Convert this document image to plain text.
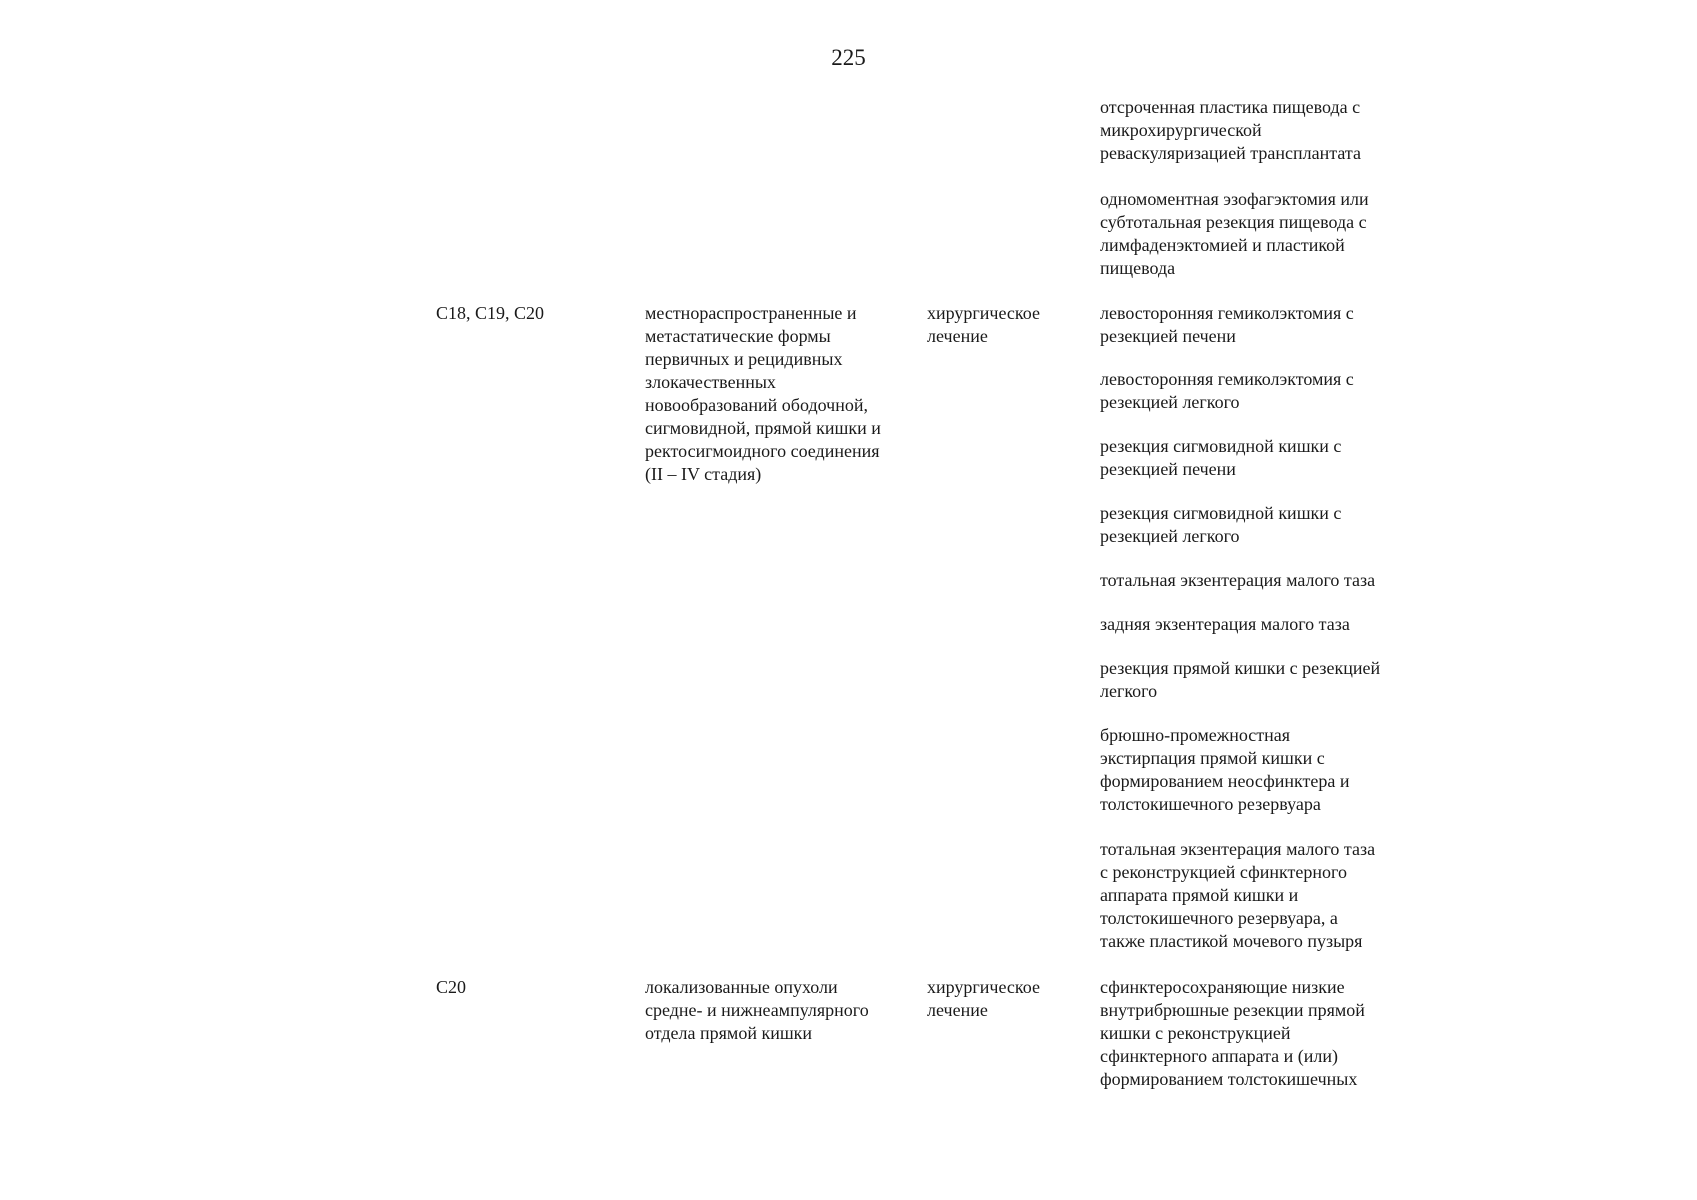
225
отсроченная пластика пищевода с
микрохирургической
реваскуляризацией трансплантата
одномоментная эзофагэктомия или
субтотальная резекция пищевода с
лимфаденэктомией и пластикой
пищевода
C18, C19, C20	местнораспространенные и
метастатические формы
первичных и рецидивных
злокачественных
новообразований ободочной,
сигмовидной, прямой кишки и
ректосигмоидного соединения
(II – IV стадия)
хирургическое
лечение
левосторонняя гемиколэктомия с
резекцией печени
левосторонняя гемиколэктомия с
резекцией легкого
резекция сигмовидной кишки с
резекцией печени
резекция сигмовидной кишки с
резекцией легкого
тотальная экзентерация малого таза
задняя экзентерация малого таза
резекция прямой кишки с резекцией
легкого
брюшно-промежностная
экстирпация прямой кишки с
формированием неосфинктера и
толстокишечного резервуара
тотальная экзентерация малого таза
с реконструкцией сфинктерного
аппарата прямой кишки и
толстокишечного резервуара, а
также пластикой мочевого пузыря
C20	локализованные опухоли
средне- и нижнеампулярного
отдела прямой кишки
хирургическое
лечение
сфинктеросохраняющие низкие
внутрибрюшные резекции прямой
кишки с реконструкцией
сфинктерного аппарата и (или)
формированием толстокишечных
